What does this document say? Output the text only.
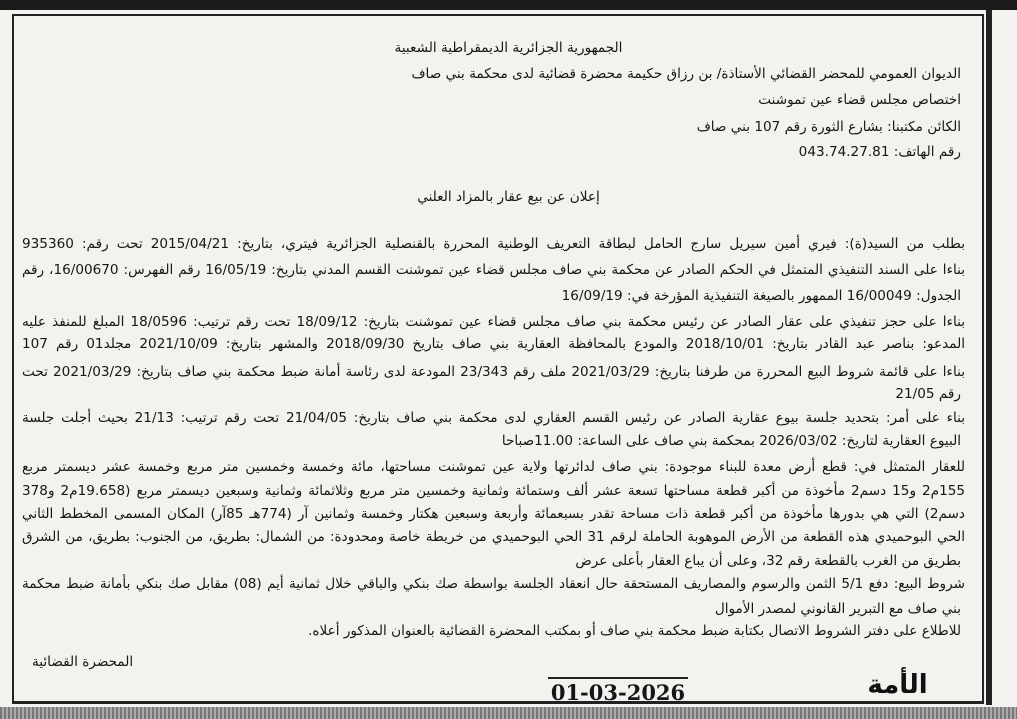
الجمهورية الجزائرية الديمقراطية الشعبية
الديوان العمومي للمحضر القضائي الأستاذة/ بن رزاق حكيمة محضرة قضائية لدى محكمة بني صاف
اختصاص مجلس قضاء عين تموشنت
الكائن مكتبنا: بشارع الثورة رقم 107 بني صاف
رقم الهاتف: 043.74.27.81
إعلان عن بيع عقار بالمزاد العلني
بطلب من السيد(ة): فيري أمين سيريل سارج الحامل لبطاقة التعريف الوطنية المحررة بالقنصلية الجزائرية فيتري، بتاريخ: 2015/04/21 تحت رقم: 935360
بناءا على السند التنفيذي المتمثل في الحكم الصادر عن محكمة بني صاف مجلس قضاء عين تموشنت القسم المدني بتاريخ: 16/05/19 رقم الفهرس: 16/00670، رقم
الجدول: 16/00049 الممهور بالصيغة التنفيذية المؤرخة في: 16/09/19
بناءا على حجز تنفيذي على عقار الصادر عن رئيس محكمة بني صاف مجلس قضاء عين تموشنت بتاريخ: 18/09/12 تحت رقم ترتيب: 18/0596 المبلغ للمنفذ عليه
المدعو: بناصر عبد القادر بتاريخ: 2018/10/01 والمودع بالمحافظة العقارية بني صاف بتاريخ 2018/09/30 والمشهر بتاريخ: 2021/10/09 مجلد01 رقم 107
بناءا على قائمة شروط البيع المحررة من طرفنا بتاريخ: 2021/03/29 ملف رقم 23/343 المودعة لدى رئاسة أمانة ضبط محكمة بني صاف بتاريخ: 2021/03/29 تحت
رقم 21/05
بناء على أمر: بتحديد جلسة بيوع عقارية الصادر عن رئيس القسم العقاري لدى محكمة بني صاف بتاريخ: 21/04/05 تحت رقم ترتيب: 21/13 بحيث أجلت جلسة
البيوع العقارية لتاريخ: 2026/03/02 بمحكمة بني صاف على الساعة: 11.00صباحا
للعقار المتمثل في: قطع أرض معدة للبناء موجودة: بني صاف لدائرتها ولاية عين تموشنت مساحتها، مائة وخمسة وخمسين متر مربع وخمسة عشر ديسمتر مربع
155م2 و15 دسم2 مأخوذة من أكبر قطعة مساحتها تسعة عشر ألف وستمائة وثمانية وخمسين متر مربع وثلاثمائة وثمانية وسبعين ديسمتر مربع (19.658م2 و378
دسم2) التي هي بدورها مأخوذة من أكبر قطعة ذات مساحة تقدر بسبعمائة وأربعة وسبعين هكتار وخمسة وثمانين آر (774هـ 85آر) المكان المسمى المخطط الثاني
الحي البوحميدي هذه القطعة من الأرض الموهوبة الحاملة لرقم 31 الحي البوحميدي من خريطة خاصة ومحدودة: من الشمال: بطريق، من الجنوب: بطريق، من الشرق
بطريق من الغرب بالقطعة رقم 32، وعلى أن يباع العقار بأعلى عرض
شروط البيع: دفع 5/1 الثمن والرسوم والمصاريف المستحقة حال انعقاد الجلسة بواسطة صك بنكي والباقي خلال ثمانية أيم (08) مقابل صك بنكي بأمانة ضبط محكمة
بني صاف مع التبرير القانوني لمصدر الأموال
للاطلاع على دفتر الشروط الاتصال بكتابة ضبط محكمة بني صاف أو بمكتب المحضرة القضائية بالعنوان المذكور أعلاه.
المحضرة القضائية
01-03-2026	الأمة
